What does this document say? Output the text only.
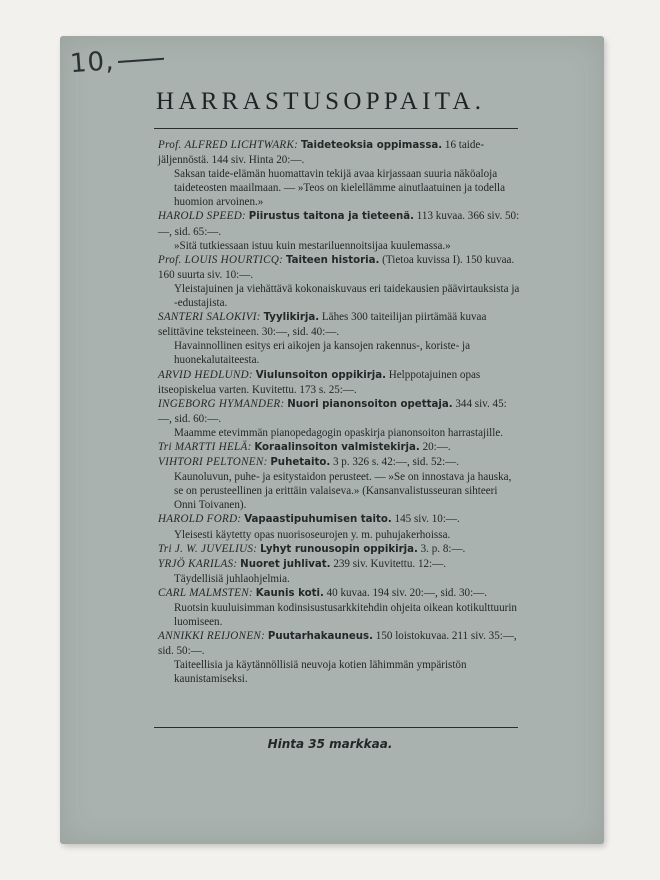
10,
HARRASTUSOPPAITA.

Prof. ALFRED LICHTWARK: Taideteoksia oppimassa. 16 taide-jäljennöstä. 144 siv. Hinta 20:—.

Saksan taide-elämän huomattavin tekijä avaa kirjassaan suuria näköaloja taideteosten maailmaan. — »Teos on kielellämme ainutlaatuinen ja todella huomion arvoinen.»

HAROLD SPEED: Piirustus taitona ja tieteenä. 113 kuvaa. 366 siv. 50:—, sid. 65:—.

»Sitä tutkiessaan istuu kuin mestariluennoitsijaa kuulemassa.»

Prof. LOUIS HOURTICQ: Taiteen historia. (Tietoa kuvissa I). 150 kuvaa. 160 suurta siv. 10:—.

Yleistajuinen ja viehättävä kokonaiskuvaus eri taidekausien päävirtauksista ja -edustajista.

SANTERI SALOKIVI: Tyylikirja. Lähes 300 taiteilijan piirtämää kuvaa selittävine teksteineen. 30:—, sid. 40:—.

Havainnollinen esitys eri aikojen ja kansojen rakennus-, koriste- ja huonekalutaiteesta.

ARVID HEDLUND: Viulunsoiton oppikirja. Helppotajuinen opas itseopiskelua varten. Kuvitettu. 173 s. 25:—.

INGEBORG HYMANDER: Nuori pianonsoiton opettaja. 344 siv. 45:—, sid. 60:—.

Maamme etevimmän pianopedagogin opaskirja pianonsoiton harrastajille.

Tri MARTTI HELÄ: Koraalinsoiton valmistekirja. 20:—.

VIHTORI PELTONEN: Puhetaito. 3 p. 326 s. 42:—, sid. 52:—.

Kaunoluvun, puhe- ja esitystaidon perusteet. — »Se on innostava ja hauska, se on perusteellinen ja erittäin valaiseva.» (Kansanvalistusseuran sihteeri Onni Toivanen).

HAROLD FORD: Vapaastipuhumisen taito. 145 siv. 10:—.

Yleisesti käytetty opas nuorisoseurojen y. m. puhujakerhoissa.

Tri J. W. JUVELIUS: Lyhyt runousopin oppikirja. 3. p. 8:—.

YRJÖ KARILAS: Nuoret juhlivat. 239 siv. Kuvitettu. 12:—.

Täydellisiä juhlaohjelmia.

CARL MALMSTEN: Kaunis koti. 40 kuvaa. 194 siv. 20:—, sid. 30:—.

Ruotsin kuuluisimman kodinsisustusarkkitehdin ohjeita oikean kotikulttuurin luomiseen.

ANNIKKI REIJONEN: Puutarhakauneus. 150 loistokuvaa. 211 siv. 35:—, sid. 50:—.

Taiteellisia ja käytännöllisiä neuvoja kotien lähimmän ympäristön kaunistamiseksi.

Hinta 35 markkaa.
